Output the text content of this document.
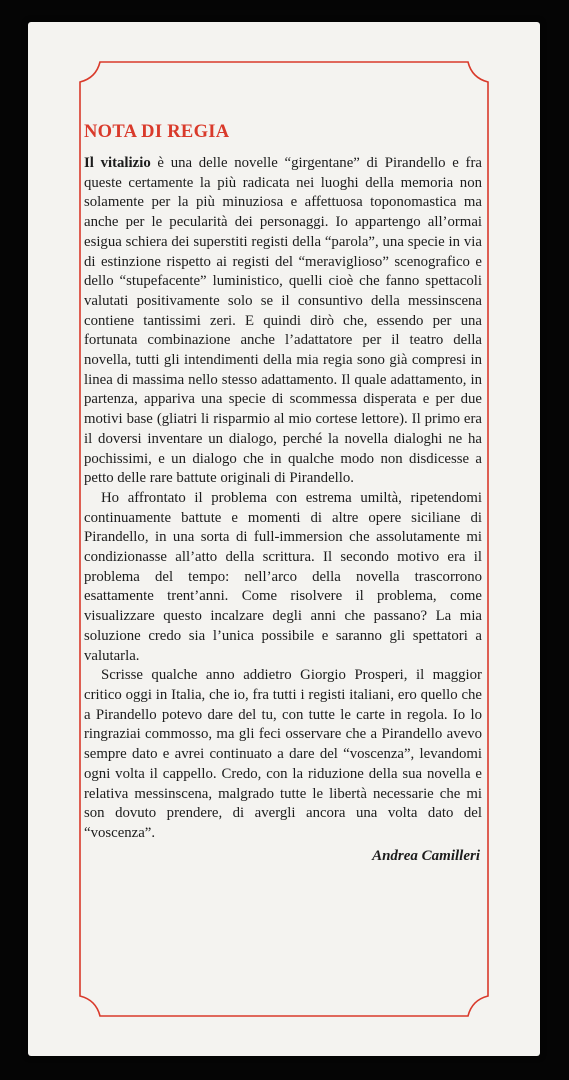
NOTA DI REGIA

Il vitalizio è una delle novelle “girgentane” di Pirandello e fra queste certamente la più radicata nei luoghi della memoria non solamente per la più minuziosa e affettuosa toponomastica ma anche per le pecularità dei personaggi. Io appartengo all’ormai esigua schiera dei superstiti registi della “parola”, una specie in via di estinzione rispetto ai registi del “meraviglioso” scenografico e dello “stupefacente” luministico, quelli cioè che fanno spettacoli valutati positivamente solo se il consuntivo della messinscena contiene tantissimi zeri. E quindi dirò che, essendo per una fortunata combinazione anche l’adattatore per il teatro della novella, tutti gli intendimenti della mia regia sono già compresi in linea di massima nello stesso adattamento. Il quale adattamento, in partenza, appariva una specie di scommessa disperata e per due motivi base (gliatri li risparmio al mio cortese lettore). Il primo era il doversi inventare un dialogo, perché la novella dialoghi ne ha pochissimi, e un dialogo che in qualche modo non disdicesse a petto delle rare battute originali di Pirandello.

Ho affrontato il problema con estrema umiltà, ripetendomi continuamente battute e momenti di altre opere siciliane di Pirandello, in una sorta di full-immersion che assolutamente mi condizionasse all’atto della scrittura. Il secondo motivo era il problema del tempo: nell’arco della novella trascorrono esattamente trent’anni. Come risolvere il problema, come visualizzare questo incalzare degli anni che passano? La mia soluzione credo sia l’unica possibile e saranno gli spettatori a valutarla.

Scrisse qualche anno addietro Giorgio Prosperi, il maggior critico oggi in Italia, che io, fra tutti i registi italiani, ero quello che a Pirandello potevo dare del tu, con tutte le carte in regola. Io lo ringraziai commosso, ma gli feci osservare che a Pirandello avevo sempre dato e avrei continuato a dare del “voscenza”, levandomi ogni volta il cappello. Credo, con la riduzione della sua novella e relativa messinscena, malgrado tutte le libertà necessarie che mi son dovuto prendere, di avergli ancora una volta dato del “voscenza”.

Andrea Camilleri
